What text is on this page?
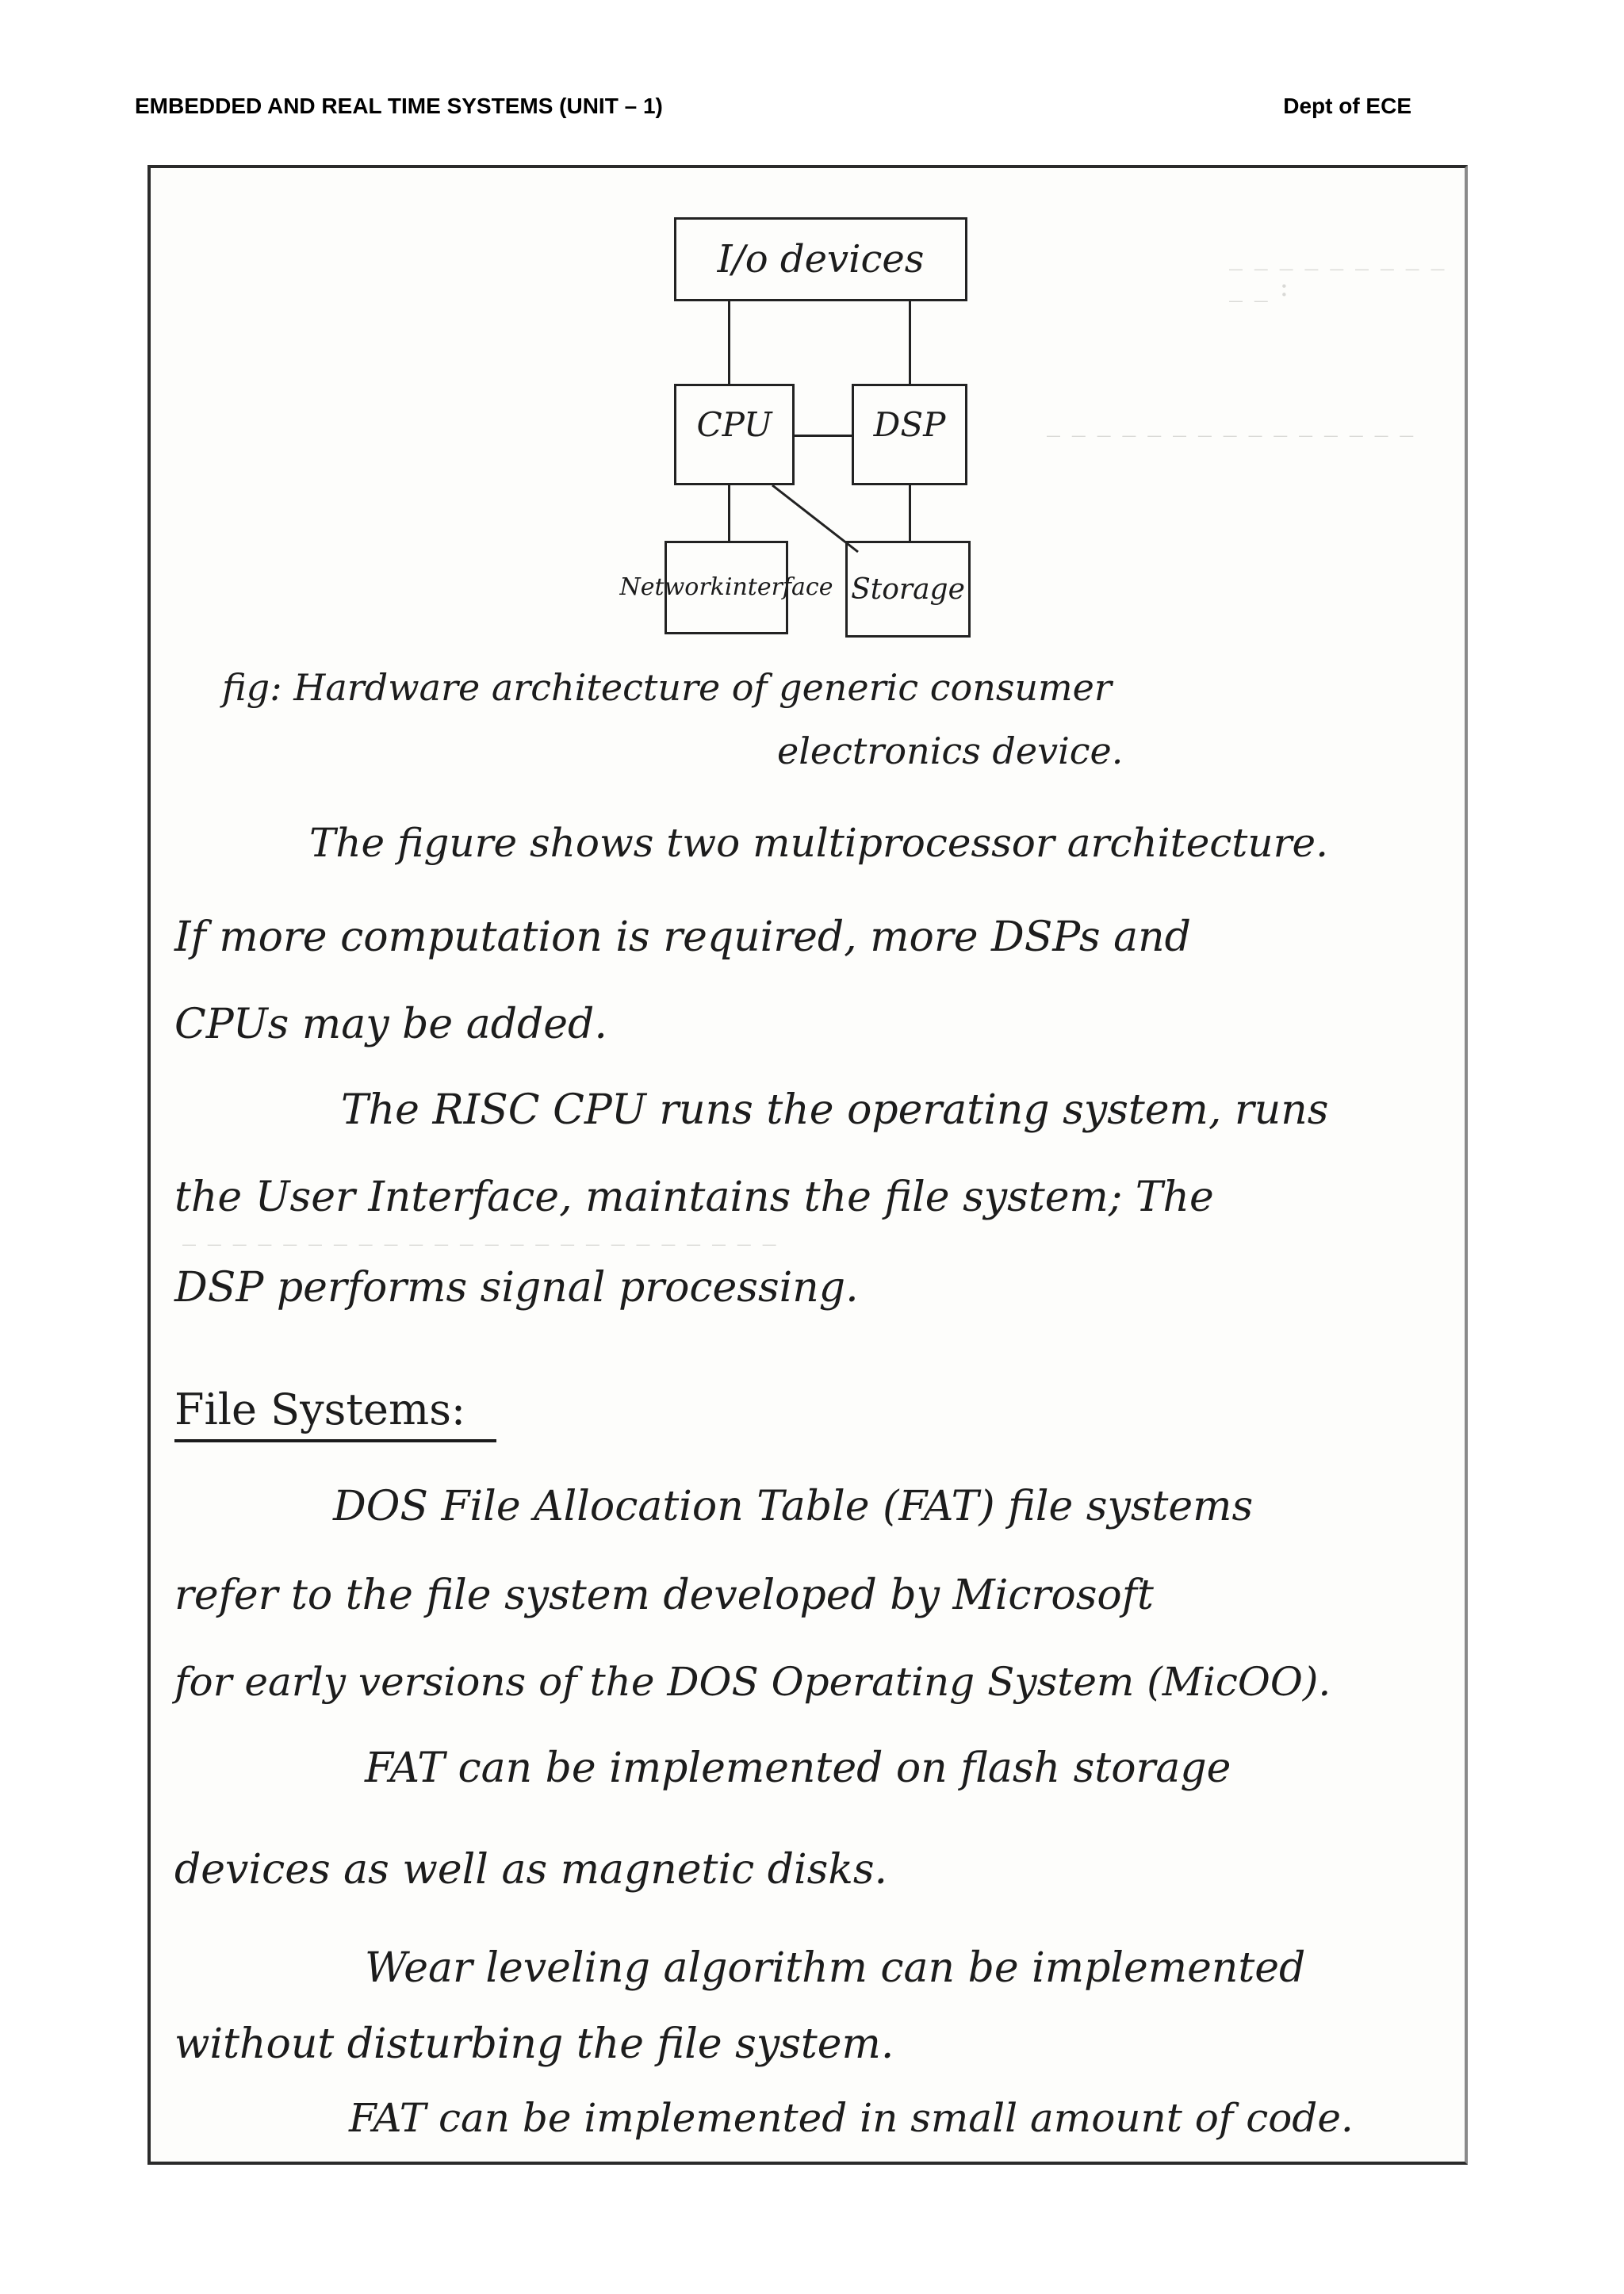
EMBEDDED AND REAL TIME SYSTEMS (UNIT – 1)	Dept of ECE
I/o devices
CPU	DSP
Network interface Storage
_ _ _ _ _ _ _ _ _ _ _ :
_ _ _ _ _ _ _ _ _ _ _ _ _ _ _
_ _ _ _ _ _ _ _ _ _ _ _ _ _ _ _ _ _ _ _ _ _ _ _
fig: Hardware architecture of generic consumer
electronics device.
The figure shows two multiprocessor architecture.
If more computation is required, more DSPs and
CPUs may be added.
The RISC CPU runs the operating system, runs
the User Interface, maintains the file system; The
DSP performs signal processing.
File Systems:
DOS File Allocation Table (FAT) file systems
refer to the file system developed by Microsoft
for early versions of the DOS Operating System (MicOO).
FAT can be implemented on flash storage
devices as well as magnetic disks.
Wear leveling algorithm can be implemented
without disturbing the file system.
FAT can be implemented in small amount of code.
